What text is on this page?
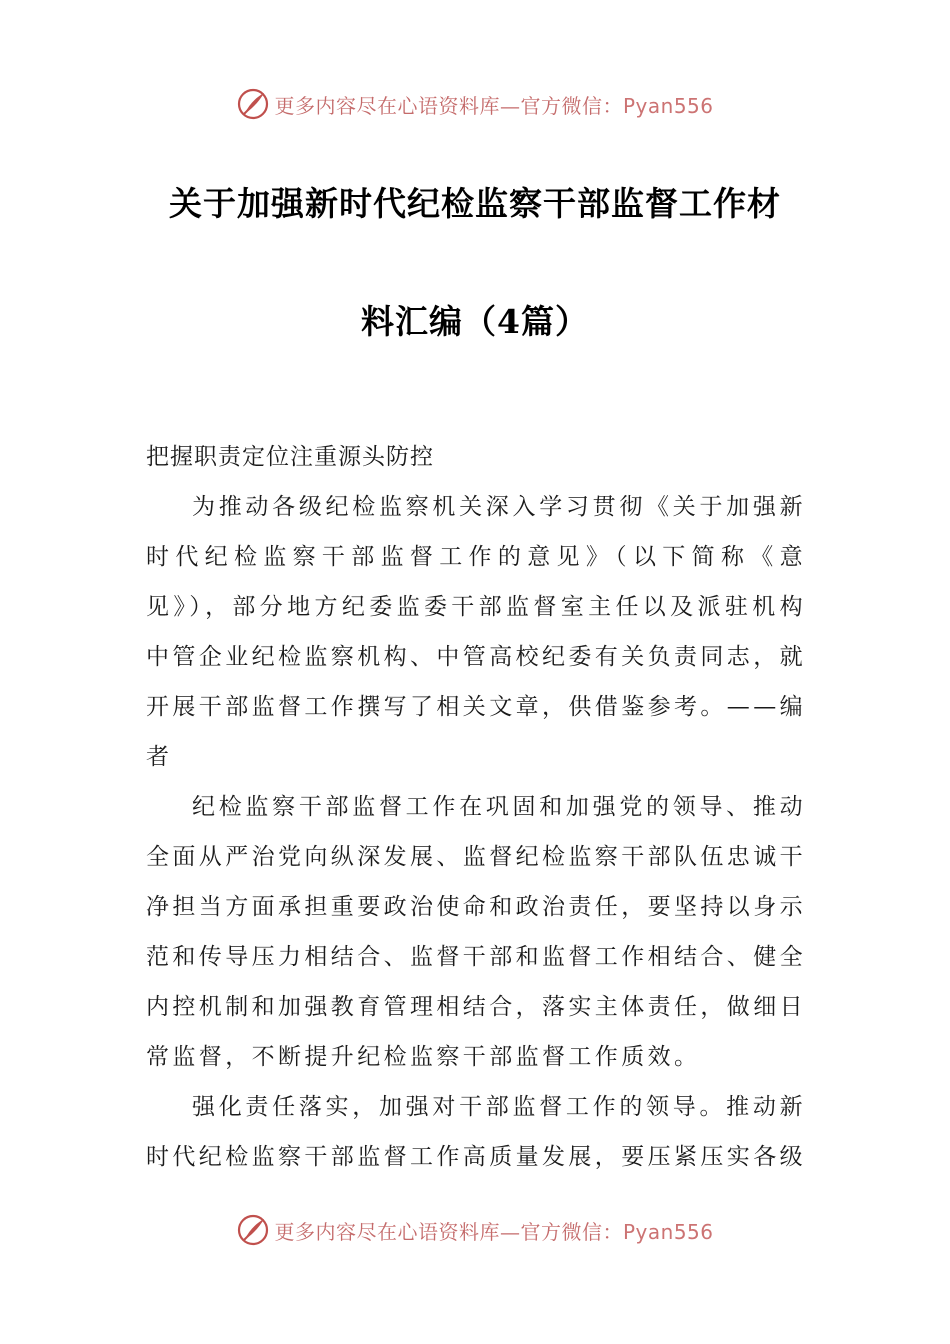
更多内容尽在心语资料库—官方微信：Pyan556
关于加强新时代纪检监察干部监督工作材
料汇编（4篇）

把握职责定位注重源头防控

为推动各级纪检监察机关深入学习贯彻《关于加强新时代纪检监察干部监督工作的意见》（以下简称《意见》），部分地方纪委监委干部监督室主任以及派驻机构中管企业纪检监察机构、中管高校纪委有关负责同志，就开展干部监督工作撰写了相关文章，供借鉴参考。——编者

纪检监察干部监督工作在巩固和加强党的领导、推动全面从严治党向纵深发展、监督纪检监察干部队伍忠诚干净担当方面承担重要政治使命和政治责任，要坚持以身示范和传导压力相结合、监督干部和监督工作相结合、健全内控机制和加强教育管理相结合，落实主体责任，做细日常监督，不断提升纪检监察干部监督工作质效。

强化责任落实，加强对干部监督工作的领导。推动新时代纪检监察干部监督工作高质量发展，要压紧压实各级

更多内容尽在心语资料库—官方微信：Pyan556
